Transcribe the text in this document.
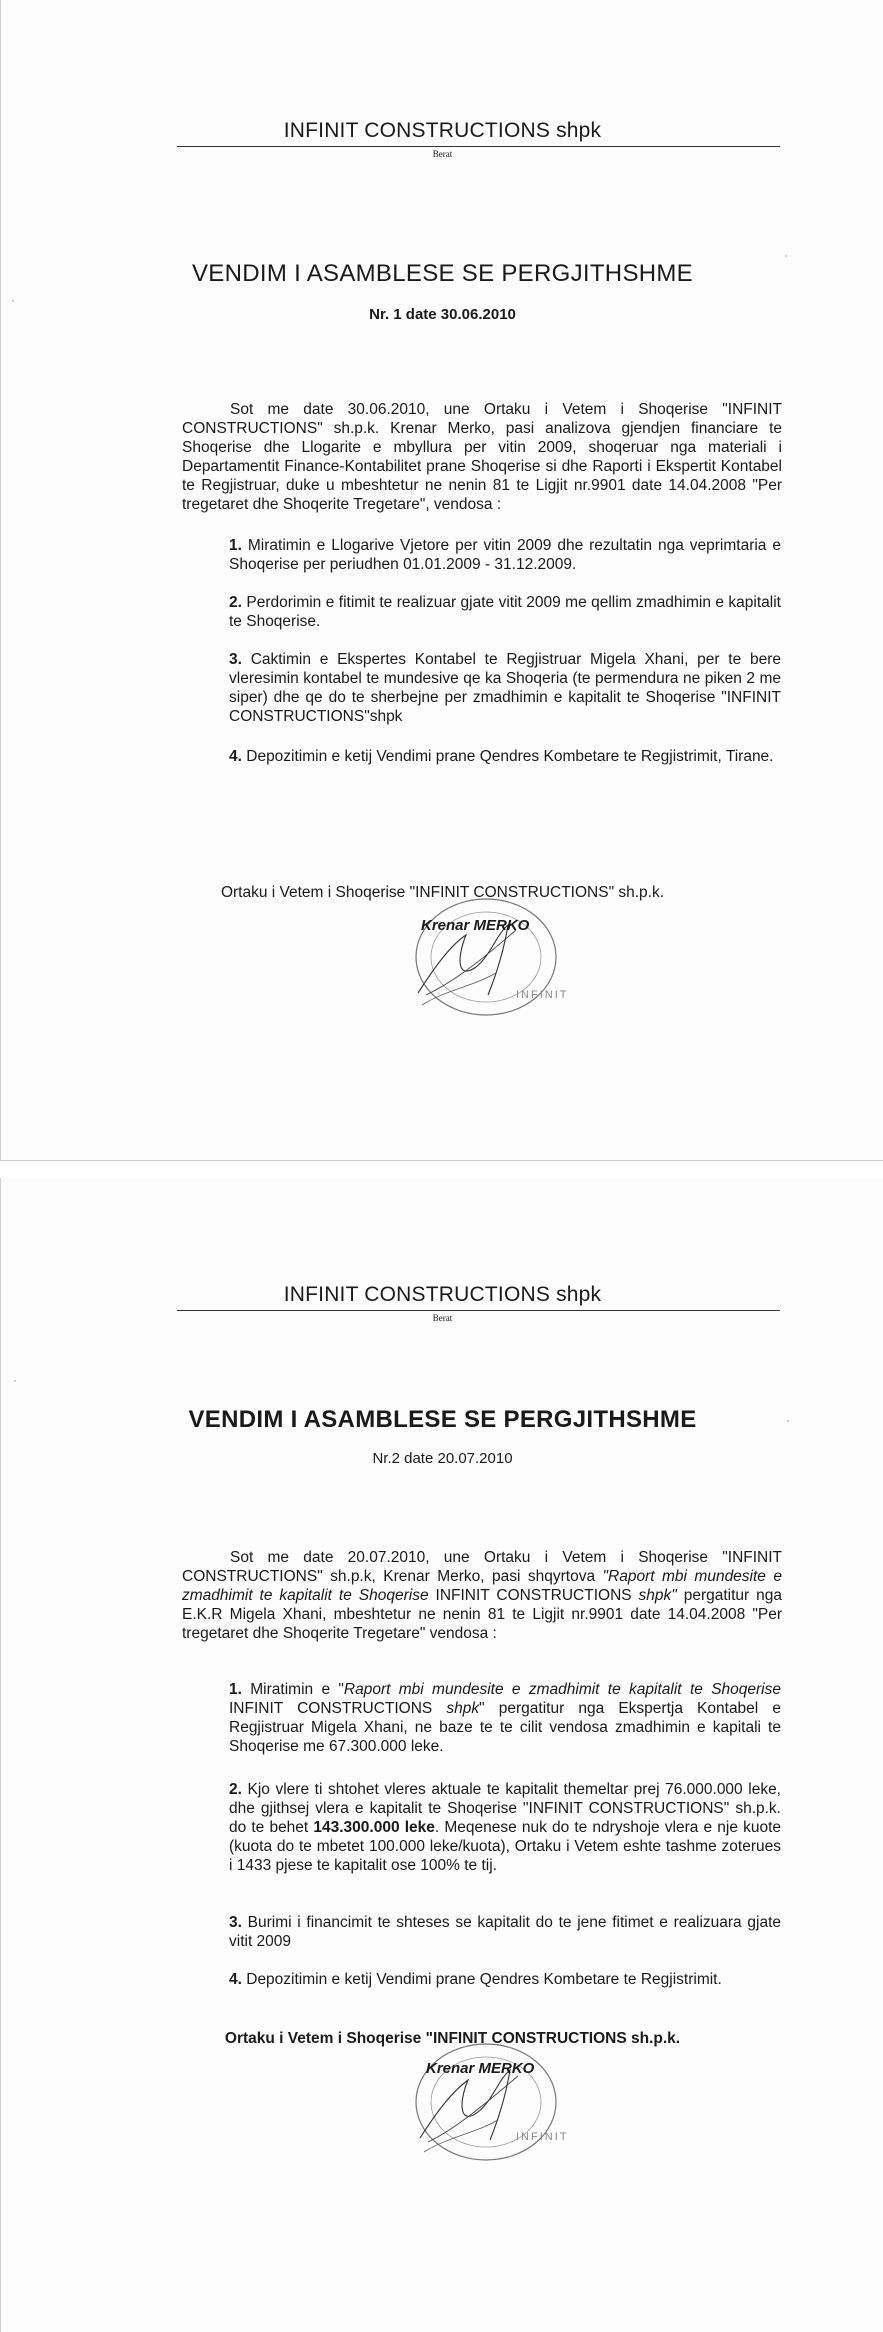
INFINIT CONSTRUCTIONS shpk
Berat
VENDIM I ASAMBLESE SE PERGJITHSHME
Nr. 1 date 30.06.2010
Sot me date 30.06.2010, une Ortaku i Vetem i Shoqerise "INFINIT CONSTRUCTIONS" sh.p.k. Krenar Merko, pasi analizova gjendjen financiare te Shoqerise dhe Llogarite e mbyllura per vitin 2009, shoqeruar nga materiali i Departamentit Finance-Kontabilitet prane Shoqerise si dhe Raporti i Ekspertit Kontabel te Regjistruar, duke u mbeshtetur ne nenin 81 te Ligjit nr.9901 date 14.04.2008 "Per tregetaret dhe Shoqerite Tregetare", vendosa :
1. Miratimin e Llogarive Vjetore per vitin 2009 dhe rezultatin nga veprimtaria e Shoqerise per periudhen 01.01.2009 - 31.12.2009.
2. Perdorimin e fitimit te realizuar gjate vitit 2009 me qellim zmadhimin e kapitalit te Shoqerise.
3. Caktimin e Ekspertes Kontabel te Regjistruar Migela Xhani, per te bere vleresimin kontabel te mundesive qe ka Shoqeria (te permendura ne piken 2 me siper) dhe qe do te sherbejne per zmadhimin e kapitalit te Shoqerise "INFINIT CONSTRUCTIONS"shpk
4. Depozitimin e ketij Vendimi prane Qendres Kombetare te Regjistrimit, Tirane.
Ortaku i Vetem i Shoqerise "INFINIT CONSTRUCTIONS" sh.p.k.
INFINIT
Krenar MERKO
INFINIT CONSTRUCTIONS shpk
Berat
VENDIM I ASAMBLESE SE PERGJITHSHME
Nr.2 date 20.07.2010
Sot me date 20.07.2010, une Ortaku i Vetem i Shoqerise "INFINIT CONSTRUCTIONS" sh.p.k, Krenar Merko, pasi shqyrtova "Raport mbi mundesite e zmadhimit te kapitalit te Shoqerise INFINIT CONSTRUCTIONS shpk" pergatitur nga E.K.R Migela Xhani, mbeshtetur ne nenin 81 te Ligjit nr.9901 date 14.04.2008 "Per tregetaret dhe Shoqerite Tregetare" vendosa :
1. Miratimin e "Raport mbi mundesite e zmadhimit te kapitalit te Shoqerise INFINIT CONSTRUCTIONS shpk" pergatitur nga Ekspertja Kontabel e Regjistruar Migela Xhani, ne baze te te cilit vendosa zmadhimin e kapitali te Shoqerise me 67.300.000 leke.
2. Kjo vlere ti shtohet vleres aktuale te kapitalit themeltar prej 76.000.000 leke, dhe gjithsej vlera e kapitalit te Shoqerise "INFINIT CONSTRUCTIONS" sh.p.k. do te behet 143.300.000 leke. Meqenese nuk do te ndryshoje vlera e nje kuote (kuota do te mbetet 100.000 leke/kuota), Ortaku i Vetem eshte tashme zoterues i 1433 pjese te kapitalit ose 100% te tij.
3. Burimi i financimit te shteses se kapitalit do te jene fitimet e realizuara gjate vitit 2009
4. Depozitimin e ketij Vendimi prane Qendres Kombetare te Regjistrimit.
Ortaku i Vetem i Shoqerise "INFINIT CONSTRUCTIONS sh.p.k.
INFINIT
Krenar MERKO
